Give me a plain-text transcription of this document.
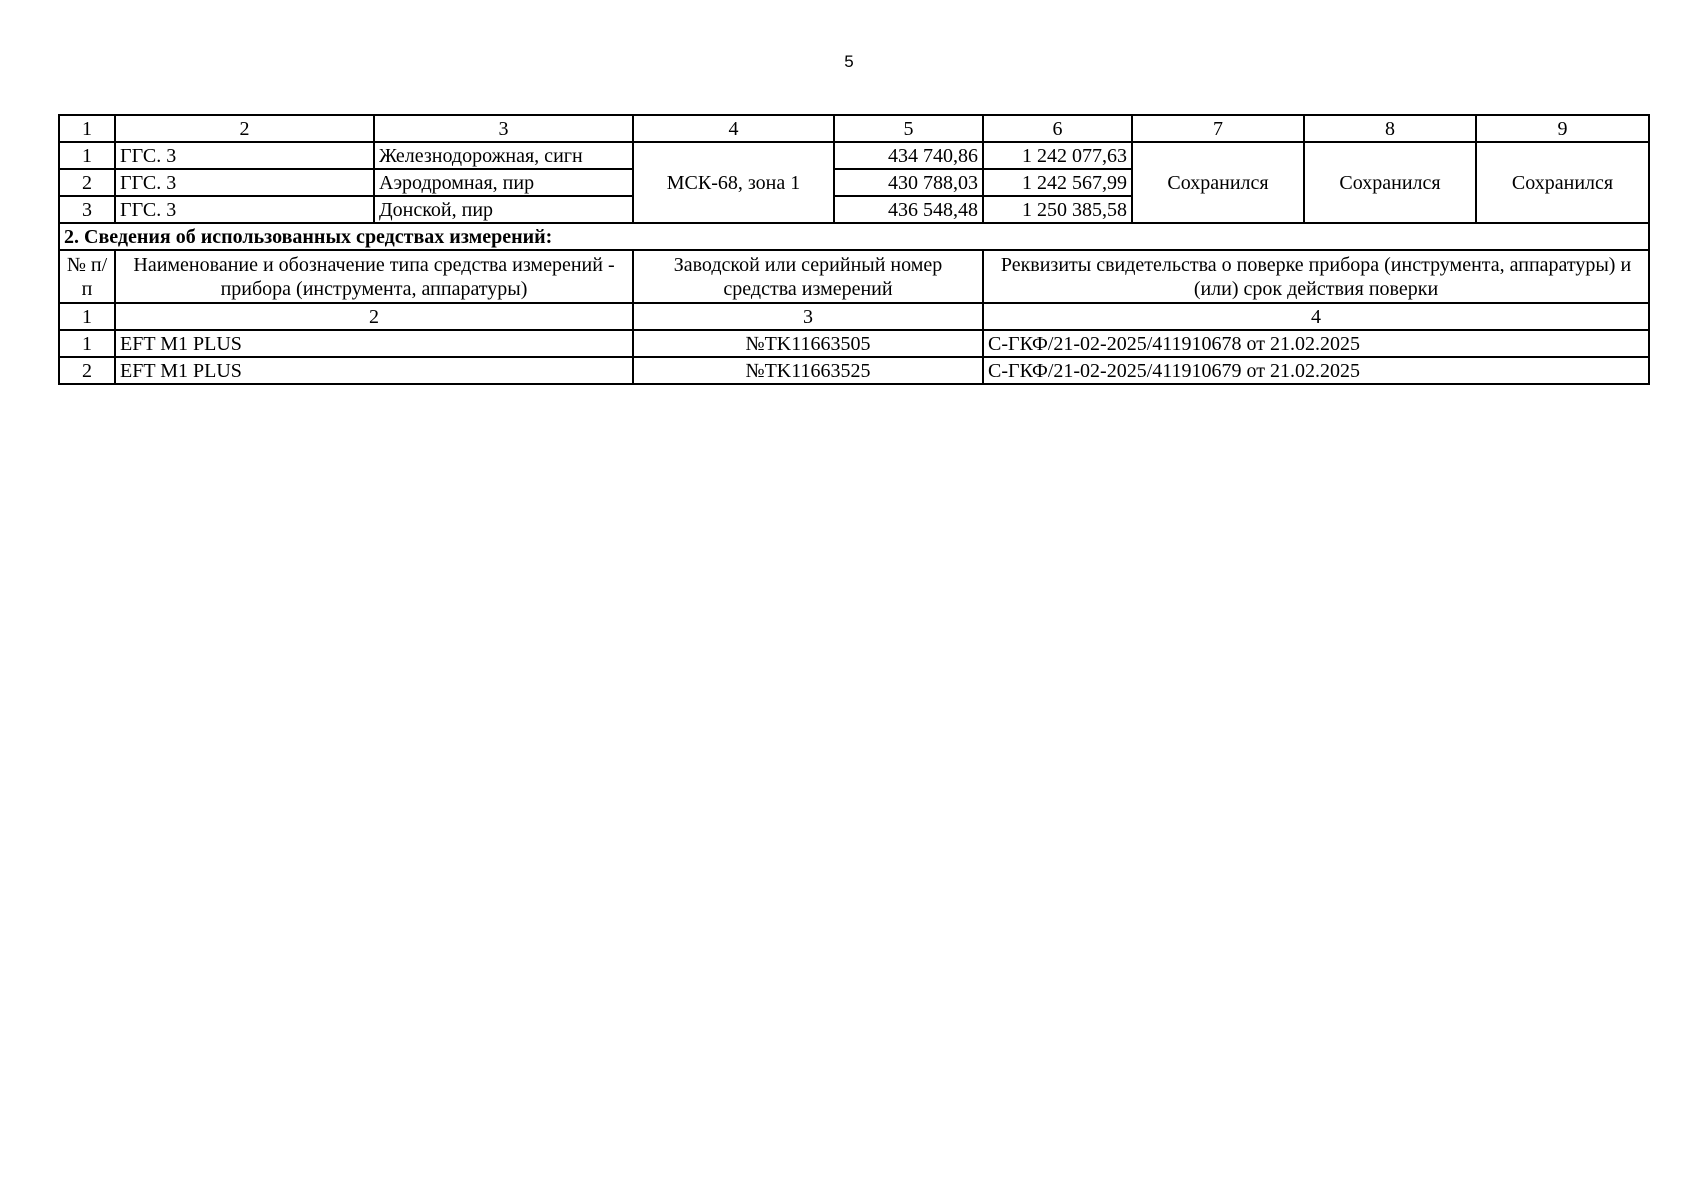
5
1	2	3	4	5	6	7	8	9
1	ГГС. 3	Железнодорожная, сигн	МСК-68, зона 1	434 740,86	1 242 077,63	Сохранился	Сохранился	Сохранился
2	ГГС. 3	Аэродромная, пир		430 788,03	1 242 567,99			
3	ГГС. 3	Донской, пир		436 548,48	1 250 385,58			
2. Сведения об использованных средствах измерений:								
№ п/п	Наименование и обозначение типа средства измерений - прибора (инструмента, аппаратуры)		Заводской или серийный номер средства измерений		Реквизиты свидетельства о поверке прибора (инструмента, аппаратуры) и (или) срок действия поверки			
1	2		3		4			
1	EFT M1 PLUS		№TK11663505		С-ГКФ/21-02-2025/411910678 от 21.02.2025			
2	EFT M1 PLUS		№TK11663525		С-ГКФ/21-02-2025/411910679 от 21.02.2025			
